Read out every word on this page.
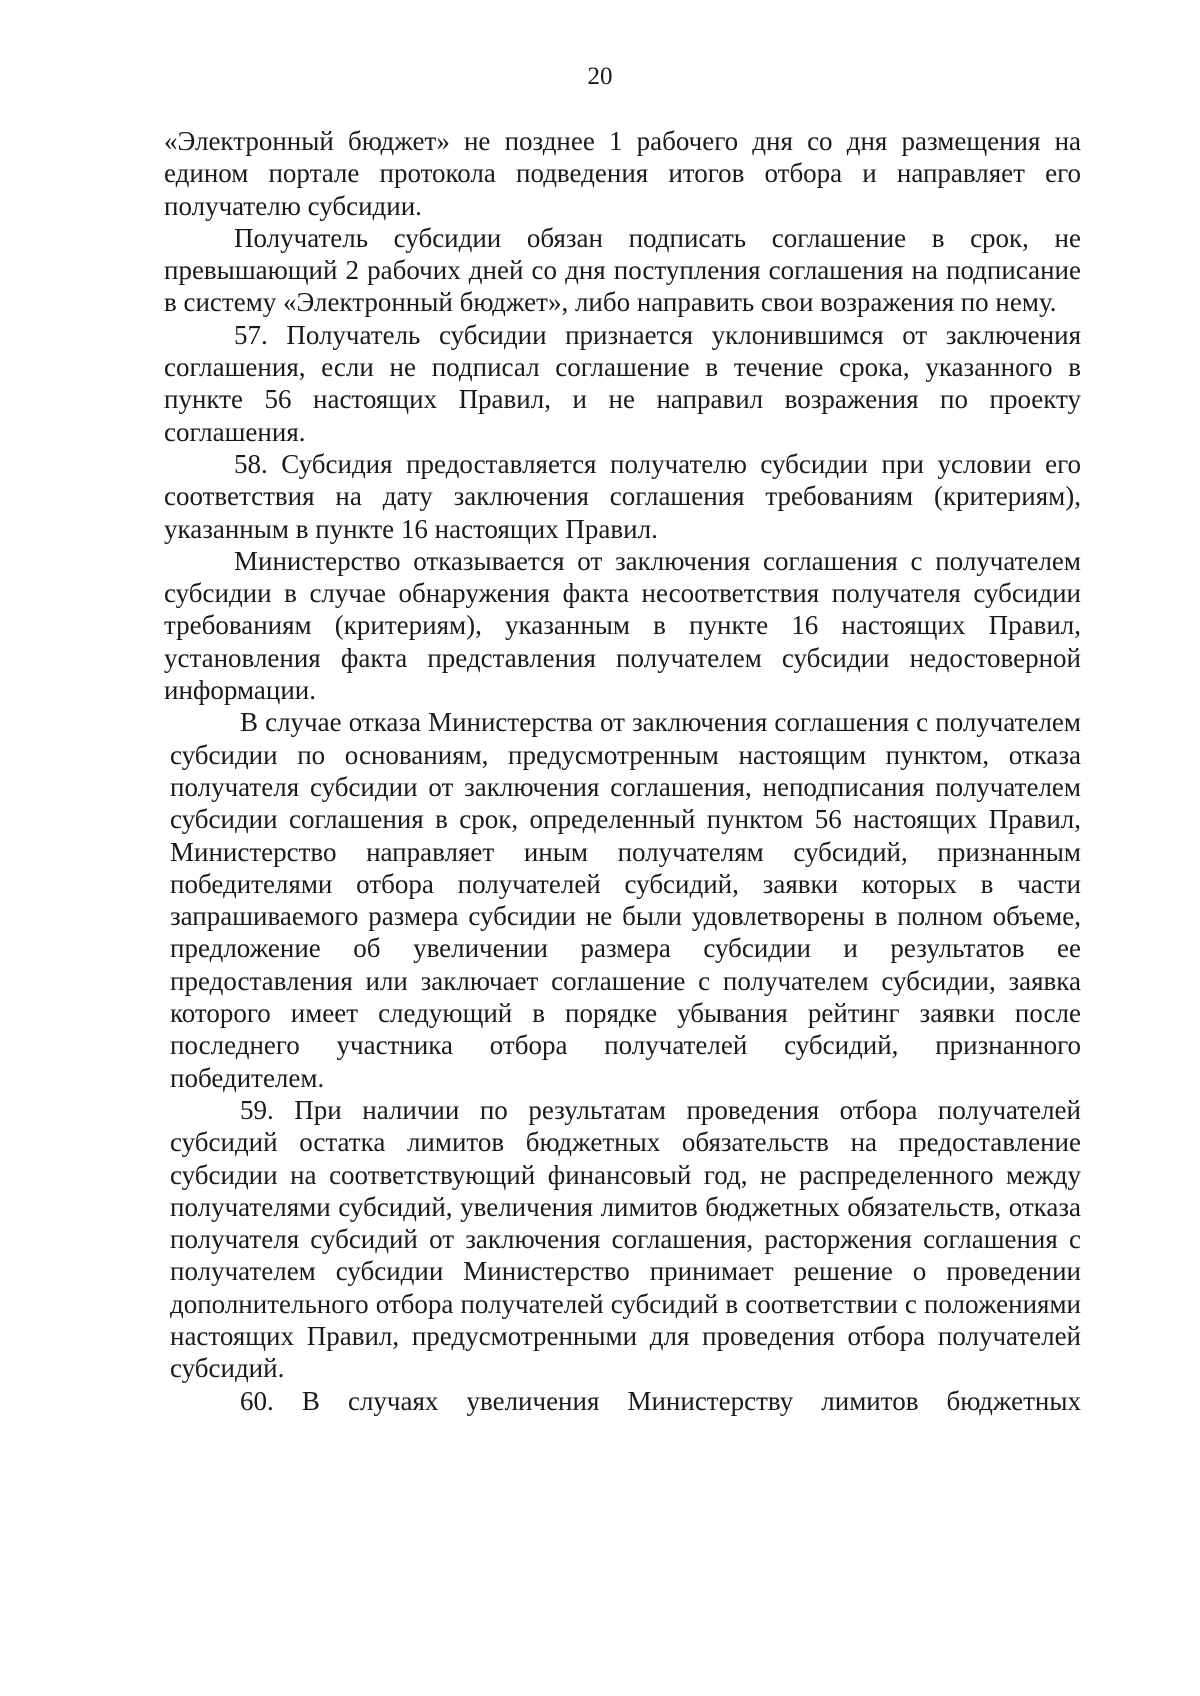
20

«Электронный бюджет» не позднее 1 рабочего дня со дня размещения на едином портале протокола подведения итогов отбора и направляет его получателю субсидии.

Получатель субсидии обязан подписать соглашение в срок, не превышающий 2 рабочих дней со дня поступления соглашения на подписание в систему «Электронный бюджет», либо направить свои возражения по нему.

57. Получатель субсидии признается уклонившимся от заключения соглашения, если не подписал соглашение в течение срока, указанного в пункте 56 настоящих Правил, и не направил возражения по проекту соглашения.

58. Субсидия предоставляется получателю субсидии при условии его соответствия на дату заключения соглашения требованиям (критериям), указанным в пункте 16 настоящих Правил.

Министерство отказывается от заключения соглашения с получателем субсидии в случае обнаружения факта несоответствия получателя субсидии требованиям (критериям), указанным в пункте 16 настоящих Правил, установления факта представления получателем субсидии недостоверной информации.

В случае отказа Министерства от заключения соглашения с получателем субсидии по основаниям, предусмотренным настоящим пунктом, отказа получателя субсидии от заключения соглашения, неподписания получателем субсидии соглашения в срок, определенный пунктом 56 настоящих Правил, Министерство направляет иным получателям субсидий, признанным победителями отбора получателей субсидий, заявки которых в части запрашиваемого размера субсидии не были удовлетворены в полном объеме, предложение об увеличении размера субсидии и результатов ее предоставления или заключает соглашение с получателем субсидии, заявка которого имеет следующий в порядке убывания рейтинг заявки после последнего участника отбора получателей субсидий, признанного победителем.

59. При наличии по результатам проведения отбора получателей субсидий остатка лимитов бюджетных обязательств на предоставление субсидии на соответствующий финансовый год, не распределенного между получателями субсидий, увеличения лимитов бюджетных обязательств, отказа получателя субсидий от заключения соглашения, расторжения соглашения с получателем субсидии Министерство принимает решение о проведении дополнительного отбора получателей субсидий в соответствии с положениями настоящих Правил, предусмотренными для проведения отбора получателей субсидий.

60. В случаях увеличения Министерству лимитов бюджетных
